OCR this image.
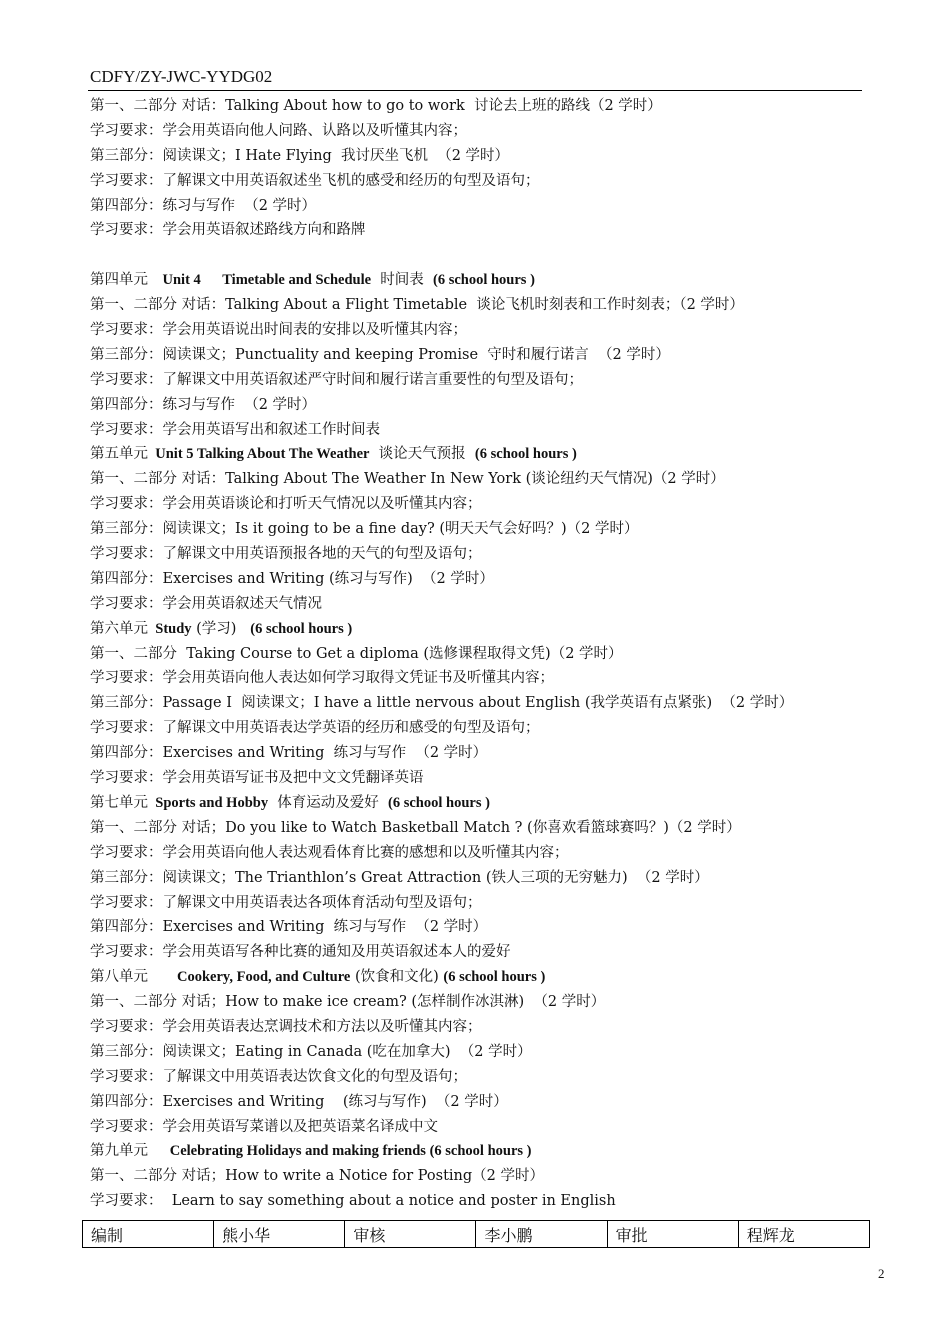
CDFY/ZY-JWC-YYDG02
第一、二部分 对话：Talking About how to go to work  讨论去上班的路线（2 学时）
学习要求：学会用英语向他人问路、认路以及听懂其内容；
第三部分：阅读课文；I Hate Flying  我讨厌坐飞机  （2 学时）
学习要求：了解课文中用英语叙述坐飞机的感受和经历的句型及语句；
第四部分：练习与写作  （2 学时）
学习要求：学会用英语叙述路线方向和路牌
第四单元    Unit 4      Timetable and Schedule  时间表  (6 school hours )
第一、二部分 对话：Talking About a Flight Timetable  谈论飞机时刻表和工作时刻表；（2 学时）
学习要求：学会用英语说出时间表的安排以及听懂其内容；
第三部分：阅读课文；Punctuality and keeping Promise  守时和履行诺言  （2 学时）
学习要求：了解课文中用英语叙述严守时间和履行诺言重要性的句型及语句；
第四部分：练习与写作  （2 学时）
学习要求：学会用英语写出和叙述工作时间表
第五单元  Unit 5 Talking About The Weather  谈论天气预报  (6 school hours )
第一、二部分 对话：Talking About The Weather In New York (谈论纽约天气情况)（2 学时）
学习要求：学会用英语谈论和打听天气情况以及听懂其内容；
第三部分：阅读课文；Is it going to be a fine day? (明天天气会好吗？)（2 学时）
学习要求：了解课文中用英语预报各地的天气的句型及语句；
第四部分：Exercises and Writing (练习与写作)  （2 学时）
学习要求：学会用英语叙述天气情况
第六单元  Study (学习)   (6 school hours )
第一、二部分  Taking Course to Get a diploma (选修课程取得文凭)（2 学时）
学习要求：学会用英语向他人表达如何学习取得文凭证书及听懂其内容；
第三部分：Passage I  阅读课文；I have a little nervous about English (我学英语有点紧张)  （2 学时）
学习要求：了解课文中用英语表达学英语的经历和感受的句型及语句；
第四部分：Exercises and Writing  练习与写作  （2 学时）
学习要求：学会用英语写证书及把中文文凭翻译英语
第七单元  Sports and Hobby  体育运动及爱好  (6 school hours )
第一、二部分 对话；Do you like to Watch Basketball Match ? (你喜欢看篮球赛吗？)（2 学时）
学习要求：学会用英语向他人表达观看体育比赛的感想和以及听懂其内容；
第三部分：阅读课文；The Trianthlon’s Great Attraction (铁人三项的无穷魅力)  （2 学时）
学习要求：了解课文中用英语表达各项体育活动句型及语句；
第四部分：Exercises and Writing  练习与写作  （2 学时）
学习要求：学会用英语写各种比赛的通知及用英语叙述本人的爱好
第八单元        Cookery, Food, and Culture (饮食和文化) (6 school hours )
第一、二部分 对话；How to make ice cream? (怎样制作冰淇淋)  （2 学时）
学习要求：学会用英语表达烹调技术和方法以及听懂其内容；
第三部分：阅读课文；Eating in Canada (吃在加拿大)  （2 学时）
学习要求：了解课文中用英语表达饮食文化的句型及语句；
第四部分：Exercises and Writing    (练习与写作)  （2 学时）
学习要求：学会用英语写菜谱以及把英语菜名译成中文
第九单元      Celebrating Holidays and making friends (6 school hours )
第一、二部分 对话；How to write a Notice for Posting（2 学时）
学习要求：  Learn to say something about a notice and poster in English
编制	熊小华	审核	李小鹏	审批	程辉龙
2
